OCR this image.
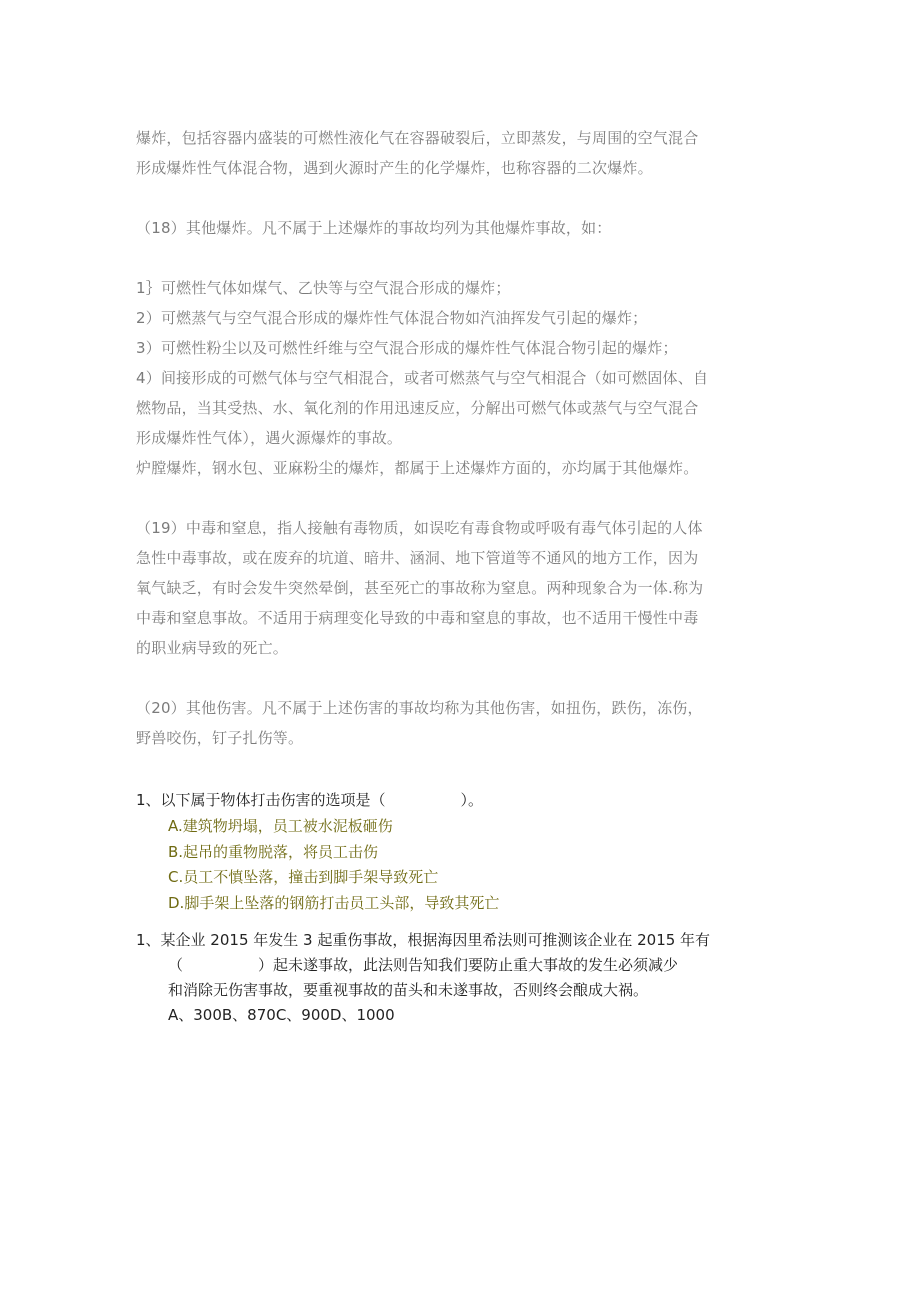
爆炸，包括容器内盛装的可燃性液化气在容器破裂后，立即蒸发，与周围的空气混合
形成爆炸性气体混合物，遇到火源时产生的化学爆炸，也称容器的二次爆炸。
（18）其他爆炸。凡不属于上述爆炸的事故均列为其他爆炸事故，如：
1｝可燃性气体如煤气、乙快等与空气混合形成的爆炸；
2）可燃蒸气与空气混合形成的爆炸性气体混合物如汽油挥发气引起的爆炸；
3）可燃性粉尘以及可燃性纤维与空气混合形成的爆炸性气体混合物引起的爆炸；
4）间接形成的可燃气体与空气相混合，或者可燃蒸气与空气相混合（如可燃固体、自
燃物品，当其受热、水、氧化剂的作用迅速反应，分解出可燃气体或蒸气与空气混合
形成爆炸性气体），遇火源爆炸的事故。
炉膛爆炸，钢水包、亚麻粉尘的爆炸，都属于上述爆炸方面的，亦均属于其他爆炸。
（19）中毒和窒息，指人接触有毒物质，如误吃有毒食物或呼吸有毒气体引起的人体
急性中毒事故，或在废弃的坑道、暗井、涵洞、地下管道等不通风的地方工作，因为
氧气缺乏，有时会发牛突然晕倒，甚至死亡的事故称为窒息。两种现象合为一体.称为
中毒和窒息事故。不适用于病理变化导致的中毒和窒息的事故，也不适用干慢性中毒
的职业病导致的死亡。
（20）其他伤害。凡不属于上述伤害的事故均称为其他伤害，如扭伤，跌伤，冻伤，
野兽咬伤，钉子扎伤等。
1、以下属于物体打击伤害的选项是（　　　　　）。
A.建筑物坍塌，员工被水泥板砸伤
B.起吊的重物脱落，将员工击伤
C.员工不慎坠落，撞击到脚手架导致死亡
D.脚手架上坠落的钢筋打击员工头部，导致其死亡
1、某企业 2015 年发生 3 起重伤事故，根据海因里希法则可推测该企业在 2015 年有
（　　　　　）起未遂事故，此法则告知我们要防止重大事故的发生必须减少
和消除无伤害事故，要重视事故的苗头和未遂事故，否则终会酿成大祸。
A、300B、870C、900D、1000
